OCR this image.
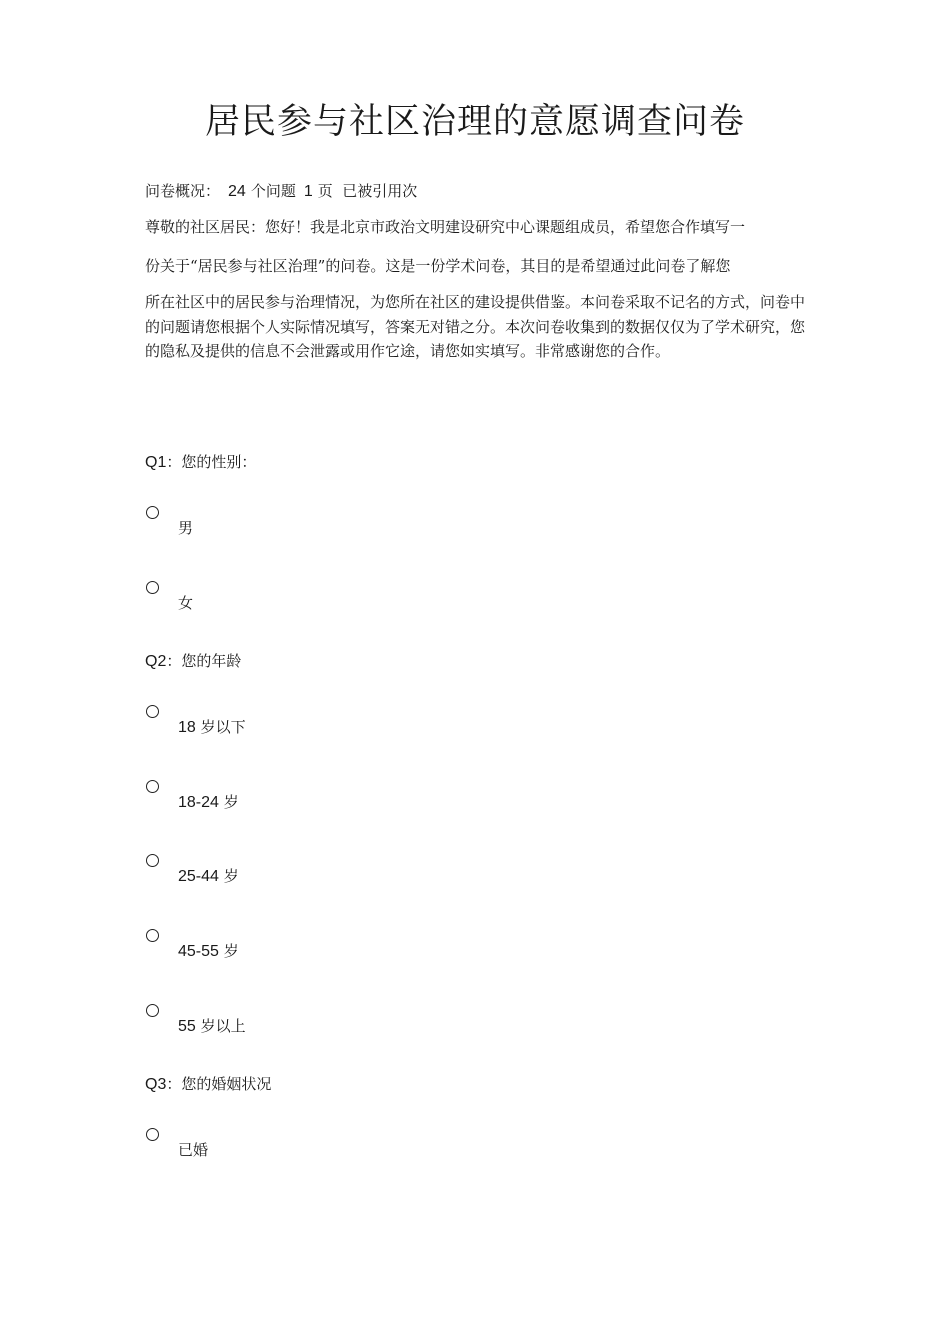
居民参与社区治理的意愿调查问卷
问卷概况： 24 个问题 1 页 已被引用次
尊敬的社区居民：您好！我是北京市政治文明建设研究中心课题组成员，希望您合作填写一
份关于“居民参与社区治理”的问卷。这是一份学术问卷，其目的是希望通过此问卷了解您
所在社区中的居民参与治理情况，为您所在社区的建设提供借鉴。本问卷采取不记名的方式，问卷中的问题请您根据个人实际情况填写，答案无对错之分。本次问卷收集到的数据仅仅为了学术研究，您的隐私及提供的信息不会泄露或用作它途，请您如实填写。非常感谢您的合作。
Q1：您的性别：
男
女
Q2：您的年龄
18 岁以下
18-24 岁
25-44 岁
45-55 岁
55 岁以上
Q3：您的婚姻状况
已婚
